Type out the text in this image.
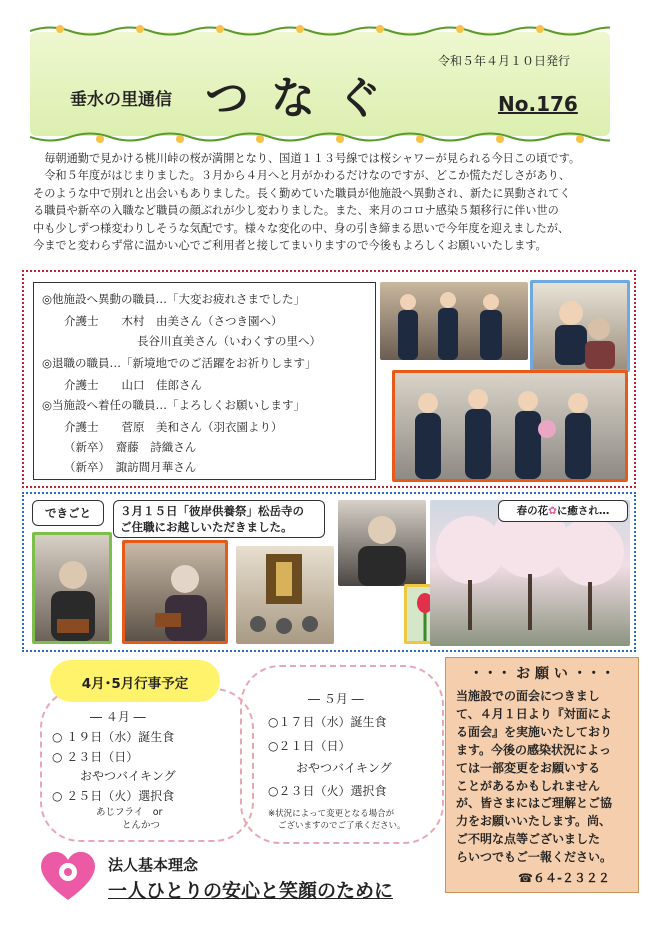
垂水の里通信 つなぐ
令和５年４月１０日発行
No.176

毎朝通勤で見かける桃川峠の桜が満開となり、国道１１３号線では桜シャワーが見られる今日この頃です。

令和５年度がはじまりました。３月から４月へと月がかわるだけなのですが、どこか慌ただしさがあり、

そのような中で別れと出会いもありました。長く勤めていた職員が他施設へ異動され、新たに異動されてく

る職員や新卒の入職など職員の顔ぶれが少し変わりました。また、来月のコロナ感染５類移行に伴い世の

中も少しずつ様変わりしそうな気配です。様々な変化の中、身の引き締まる思いで今年度を迎えましたが、

今までと変わらず常に温かい心でご利用者と接してまいりますので今後もよろしくお願いいたします。

◎他施設へ異動の職員…「大変お疲れさまでした」
介護士　　木村　由美さん（さつき園へ）
長谷川直美さん（いわくすの里へ）
◎退職の職員…「新境地でのご活躍をお祈りします」
介護士　　山口　佳郎さん
◎当施設へ着任の職員…「よろしくお願いします」
介護士　　菅原　美和さん（羽衣園より）
（新卒）　齋藤　詩織さん
（新卒）　諏訪間月華さん
できごと	３月１５日「彼岸供養祭」松岳寺の
ご住職にお越しいただきました。
春の花✿に癒され…
4月･5月行事予定
― ４月 ―
○ １９日（水）誕生食
○ ２３日（日）
おやつバイキング
○ ２５日（火）選択食
あじフライ　or
とんかつ
― ５月 ―
○１７日（水）誕生食
○２１日（日）
おやつバイキング
○２３日（火）選択食
※状況によって変更となる場合が
ございますのでご了承ください。
・・・ お 願 い ・・・
当施設での面会につきまし
て、４月１日より『対面によ
る面会』を実施いたしており
ます。今後の感染状況によっ
ては一部変更をお願いする
ことがあるかもしれません
が、皆さまにはご理解とご協
力をお願いいたします。尚、
ご不明な点等ございました
らいつでもご一報ください。
☎６４-２３２２
法人基本理念
一人ひとりの安心と笑顔のために
